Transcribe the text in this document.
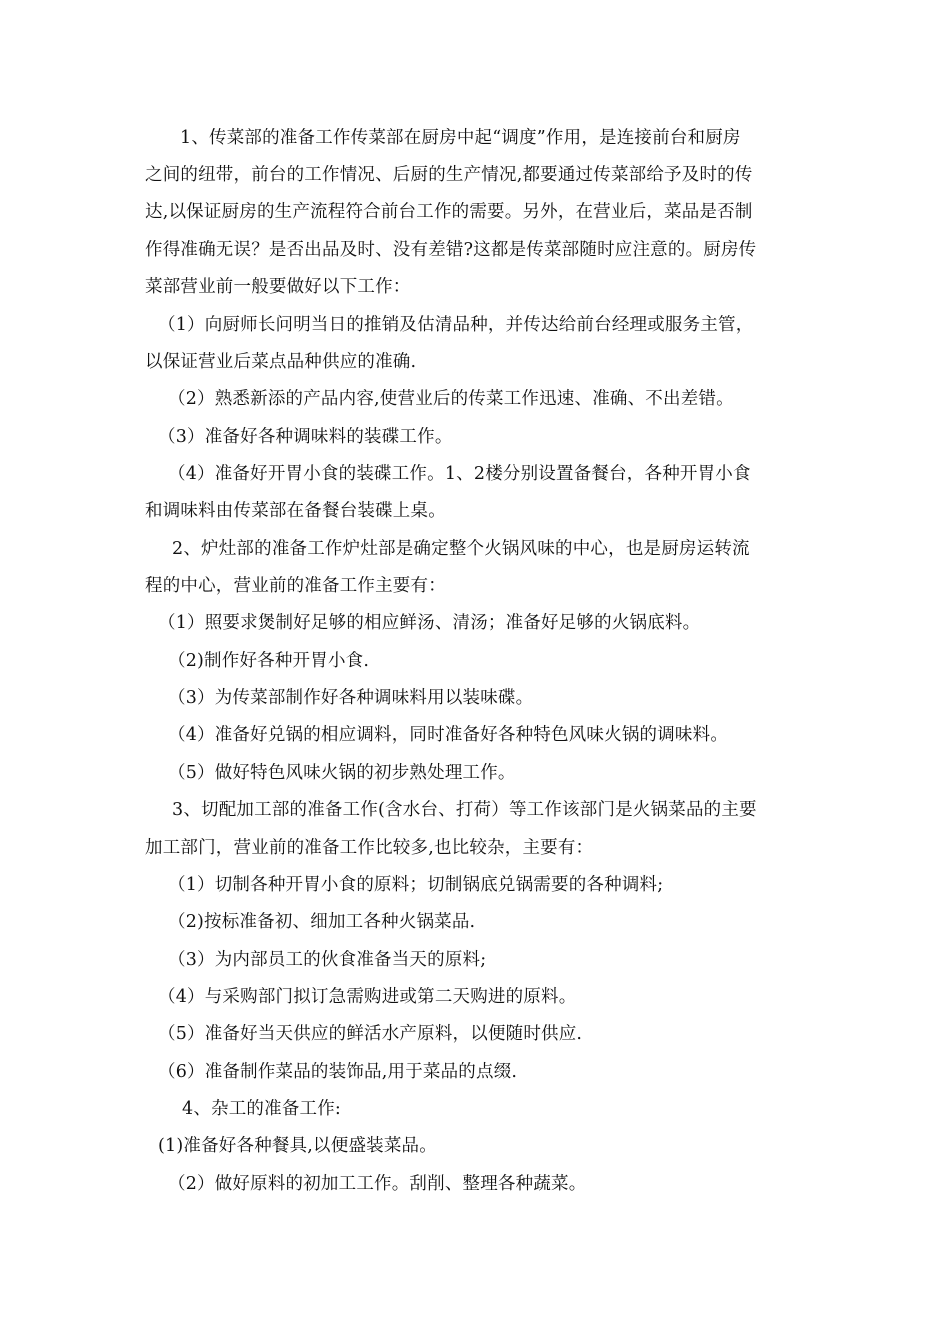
1、传菜部的准备工作传菜部在厨房中起“调度”作用，是连接前台和厨房
之间的纽带，前台的工作情况、后厨的生产情况,都要通过传菜部给予及时的传
达,以保证厨房的生产流程符合前台工作的需要。另外，在营业后，菜品是否制
作得准确无误？是否出品及时、没有差错?这都是传菜部随时应注意的。厨房传
菜部营业前一般要做好以下工作：
（1）向厨师长问明当日的推销及估清品种，并传达给前台经理或服务主管，
以保证营业后菜点品种供应的准确.
（2）熟悉新添的产品内容,使营业后的传菜工作迅速、准确、不出差错。
（3）准备好各种调味料的装碟工作。
（4）准备好开胃小食的装碟工作。1、2楼分别设置备餐台，各种开胃小食
和调味料由传菜部在备餐台装碟上桌。
2、炉灶部的准备工作炉灶部是确定整个火锅风味的中心，也是厨房运转流
程的中心，营业前的准备工作主要有：
（1）照要求煲制好足够的相应鲜汤、清汤；准备好足够的火锅底料。
（2)制作好各种开胃小食.
（3）为传菜部制作好各种调味料用以装味碟。
（4）准备好兑锅的相应调料，同时准备好各种特色风味火锅的调味料。
（5）做好特色风味火锅的初步熟处理工作。
3、切配加工部的准备工作(含水台、打荷）等工作该部门是火锅菜品的主要
加工部门，营业前的准备工作比较多,也比较杂，主要有：
（1）切制各种开胃小食的原料；切制锅底兑锅需要的各种调料;
（2)按标准备初、细加工各种火锅菜品.
（3）为内部员工的伙食准备当天的原料;
（4）与采购部门拟订急需购进或第二天购进的原料。
（5）准备好当天供应的鲜活水产原料，以便随时供应.
（6）准备制作菜品的装饰品,用于菜品的点缀.
4、杂工的准备工作:
(1)准备好各种餐具,以便盛装菜品。
（2）做好原料的初加工工作。刮削、整理各种蔬菜。
